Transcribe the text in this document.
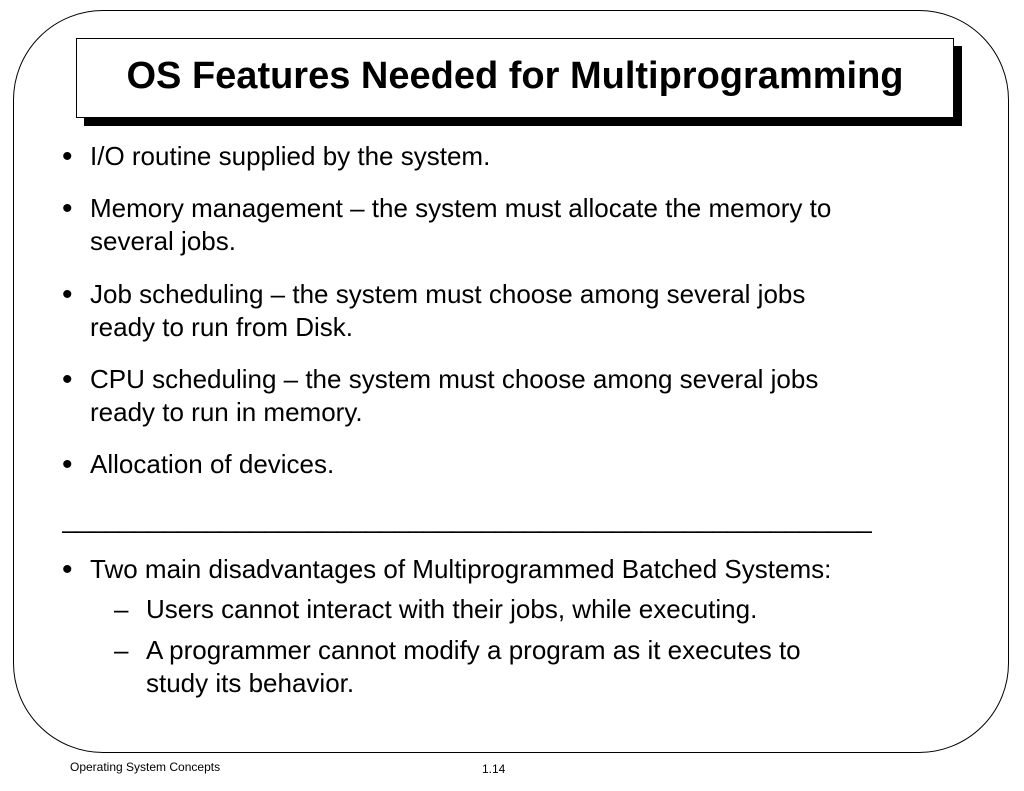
OS Features Needed for Multiprogramming
• I/O routine supplied by the system.
• Memory management – the system must allocate the memory to
several jobs.
• Job scheduling – the system must choose among several jobs
ready to run from Disk.
• CPU scheduling – the system must choose among several jobs
ready to run in memory.
• Allocation of devices.
• Two main disadvantages of Multiprogrammed Batched Systems:
– Users cannot interact with their jobs, while executing.
– A programmer cannot modify a program as it executes to
study its behavior.
________________________________________________________
Operating System Concepts	1.14
